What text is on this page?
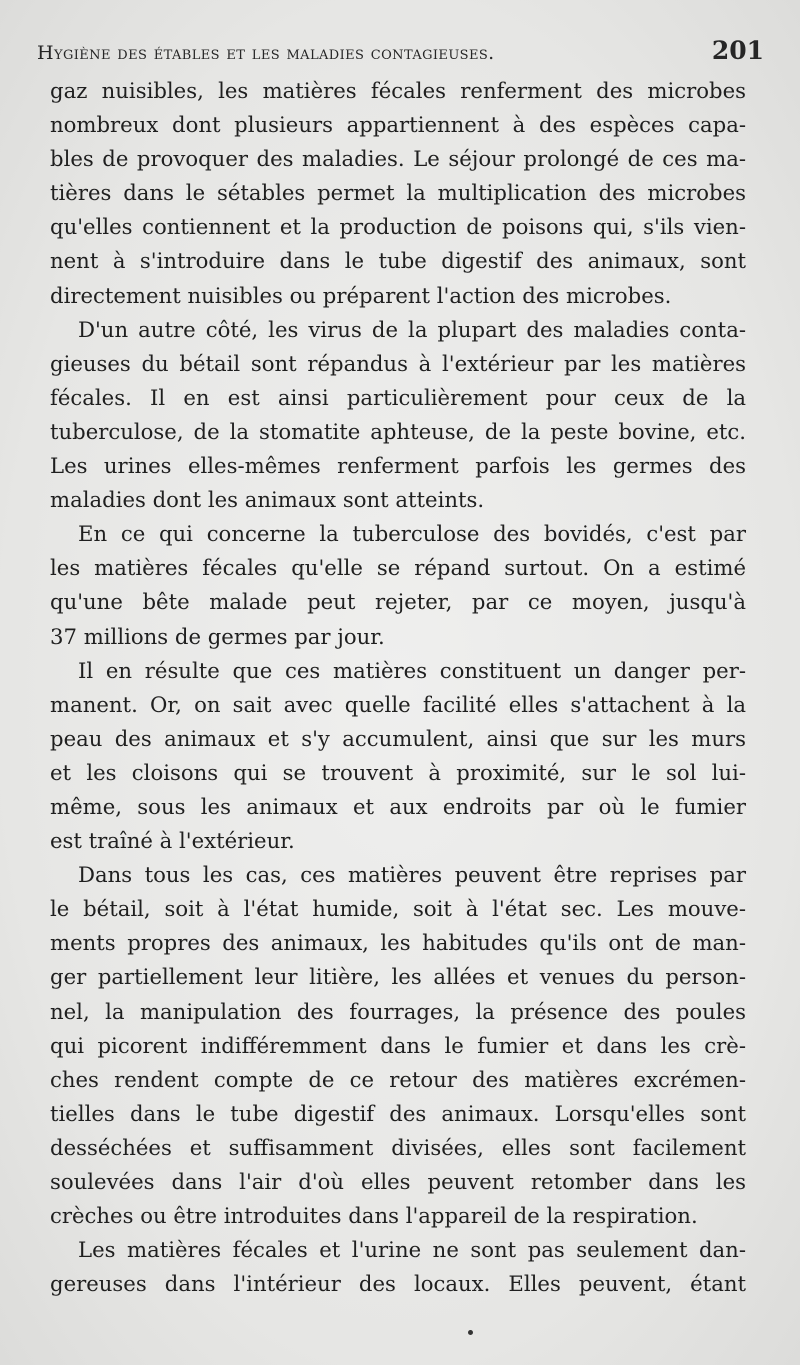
Hygiène des étables et les maladies contagieuses.	201
gaz nuisibles, les matières fécales renferment des microbes
nombreux dont plusieurs appartiennent à des espèces capa-
bles de provoquer des maladies. Le séjour prolongé de ces ma-
tières dans le sétables permet la multiplication des microbes
qu'elles contiennent et la production de poisons qui, s'ils vien-
nent à s'introduire dans le tube digestif des animaux, sont
directement nuisibles ou préparent l'action des microbes.
D'un autre côté, les virus de la plupart des maladies conta-
gieuses du bétail sont répandus à l'extérieur par les matières
fécales. Il en est ainsi particulièrement pour ceux de la
tuberculose, de la stomatite aphteuse, de la peste bovine, etc.
Les urines elles-mêmes renferment parfois les germes des
maladies dont les animaux sont atteints.
En ce qui concerne la tuberculose des bovidés, c'est par
les matières fécales qu'elle se répand surtout. On a estimé
qu'une bête malade peut rejeter, par ce moyen, jusqu'à
37 millions de germes par jour.
Il en résulte que ces matières constituent un danger per-
manent. Or, on sait avec quelle facilité elles s'attachent à la
peau des animaux et s'y accumulent, ainsi que sur les murs
et les cloisons qui se trouvent à proximité, sur le sol lui-
même, sous les animaux et aux endroits par où le fumier
est traîné à l'extérieur.
Dans tous les cas, ces matières peuvent être reprises par
le bétail, soit à l'état humide, soit à l'état sec. Les mouve-
ments propres des animaux, les habitudes qu'ils ont de man-
ger partiellement leur litière, les allées et venues du person-
nel, la manipulation des fourrages, la présence des poules
qui picorent indifféremment dans le fumier et dans les crè-
ches rendent compte de ce retour des matières excrémen-
tielles dans le tube digestif des animaux. Lorsqu'elles sont
desséchées et suffisamment divisées, elles sont facilement
soulevées dans l'air d'où elles peuvent retomber dans les
crèches ou être introduites dans l'appareil de la respiration.
Les matières fécales et l'urine ne sont pas seulement dan-
gereuses dans l'intérieur des locaux. Elles peuvent, étant
